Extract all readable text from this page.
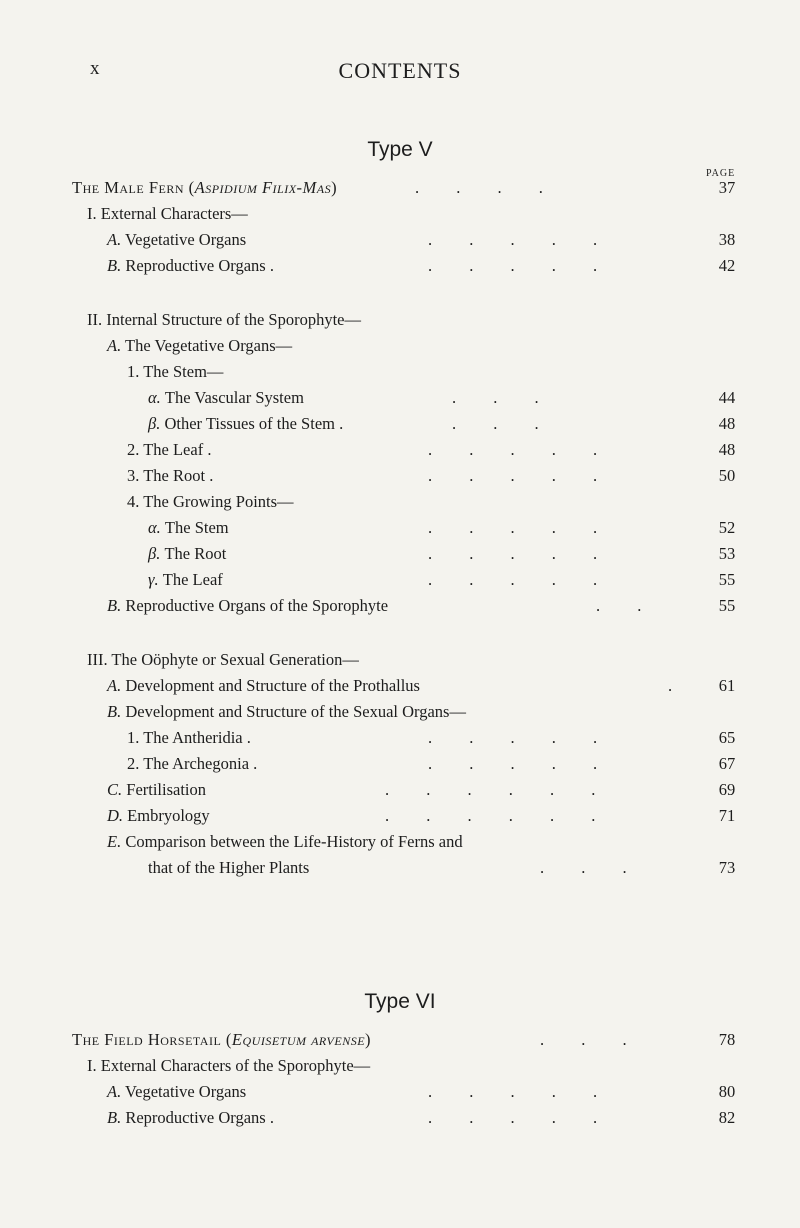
x	CONTENTS
Type V
PAGE
The Male Fern (Aspidium Filix-Mas)	.         .         .         .	37
I. External Characters—
A. Vegetative Organs	.         .         .         .         .	38
B. Reproductive Organs .	.         .         .         .         .	42
II. Internal Structure of the Sporophyte—
A. The Vegetative Organs—
1. The Stem—
α. The Vascular System	.         .         .	44
β. Other Tissues of the Stem .	.         .         .	48
2. The Leaf .	.         .         .         .         .	48
3. The Root .	.         .         .         .         .	50
4. The Growing Points—
α. The Stem	.         .         .         .         .	52
β. The Root	.         .         .         .         .	53
γ. The Leaf	.         .         .         .         .	55
B. Reproductive Organs of the Sporophyte	.         .	55
III. The Oöphyte or Sexual Generation—
A. Development and Structure of the Prothallus	.	61
B. Development and Structure of the Sexual Organs—
1. The Antheridia .	.         .         .         .         .	65
2. The Archegonia .	.         .         .         .         .	67
C. Fertilisation	.         .         .         .         .         .	69
D. Embryology	.         .         .         .         .         .	71
E. Comparison between the Life-History of Ferns and
that of the Higher Plants	.         .         .	73
Type VI
The Field Horsetail (Equisetum arvense)	.         .         .	78
I. External Characters of the Sporophyte—
A. Vegetative Organs	.         .         .         .         .	80
B. Reproductive Organs .	.         .         .         .         .	82
